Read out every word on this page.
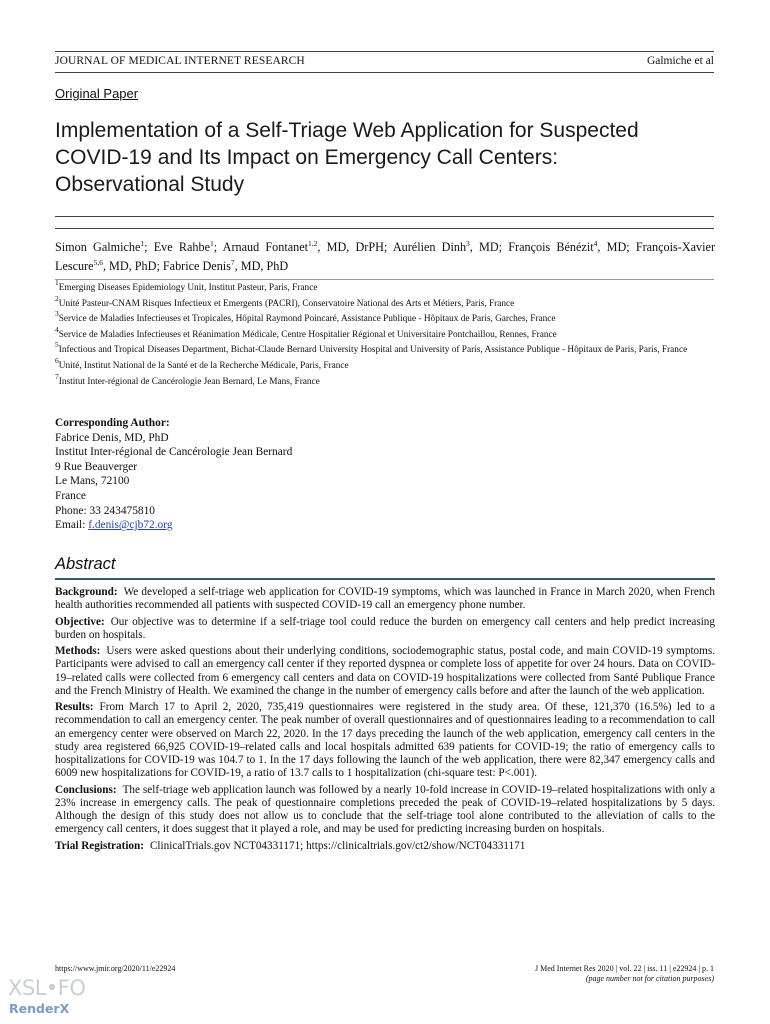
JOURNAL OF MEDICAL INTERNET RESEARCH	Galmiche et al
Original Paper
Implementation of a Self-Triage Web Application for Suspected
COVID-19 and Its Impact on Emergency Call Centers:
Observational Study
Simon Galmiche$^1$; Eve Rahbe$^1$; Arnaud Fontanet$^{1,2}$, MD, DrPH; Aurélien Dinh$^3$, MD; François Bénézit$^4$, MD; François-Xavier Lescure$^{5,6}$, MD, PhD; Fabrice Denis$^7$, MD, PhD
$^1$Emerging Diseases Epidemiology Unit, Institut Pasteur, Paris, France
$^2$Unité Pasteur-CNAM Risques Infectieux et Emergents (PACRI), Conservatoire National des Arts et Métiers, Paris, France
$^3$Service de Maladies Infectieuses et Tropicales, Hôpital Raymond Poincaré, Assistance Publique - Hôpitaux de Paris, Garches, France
$^4$Service de Maladies Infectieuses et Réanimation Médicale, Centre Hospitalier Régional et Universitaire Pontchaillou, Rennes, France
$^5$Infectious and Tropical Diseases Department, Bichat-Claude Bernard University Hospital and University of Paris, Assistance Publique - Hôpitaux de Paris, Paris, France
$^6$Unité, Institut National de la Santé et de la Recherche Médicale, Paris, France
$^7$Institut Inter-régional de Cancérologie Jean Bernard, Le Mans, France
Corresponding Author:
Fabrice Denis, MD, PhD
Institut Inter-régional de Cancérologie Jean Bernard
9 Rue Beauverger
Le Mans, 72100
France
Phone: 33 243475810
Email: f.denis@cjb72.org
Abstract

Background: We developed a self-triage web application for COVID-19 symptoms, which was launched in France in March 2020, when French health authorities recommended all patients with suspected COVID-19 call an emergency phone number.

Objective: Our objective was to determine if a self-triage tool could reduce the burden on emergency call centers and help predict increasing burden on hospitals.

Methods: Users were asked questions about their underlying conditions, sociodemographic status, postal code, and main COVID-19 symptoms. Participants were advised to call an emergency call center if they reported dyspnea or complete loss of appetite for over 24 hours. Data on COVID-19–related calls were collected from 6 emergency call centers and data on COVID-19 hospitalizations were collected from Santé Publique France and the French Ministry of Health. We examined the change in the number of emergency calls before and after the launch of the web application.

Results: From March 17 to April 2, 2020, 735,419 questionnaires were registered in the study area. Of these, 121,370 (16.5%) led to a recommendation to call an emergency center. The peak number of overall questionnaires and of questionnaires leading to a recommendation to call an emergency center were observed on March 22, 2020. In the 17 days preceding the launch of the web application, emergency call centers in the study area registered 66,925 COVID-19–related calls and local hospitals admitted 639 patients for COVID-19; the ratio of emergency calls to hospitalizations for COVID-19 was 104.7 to 1. In the 17 days following the launch of the web application, there were 82,347 emergency calls and 6009 new hospitalizations for COVID-19, a ratio of 13.7 calls to 1 hospitalization (chi-square test: P<.001).

Conclusions: The self-triage web application launch was followed by a nearly 10-fold increase in COVID-19–related hospitalizations with only a 23% increase in emergency calls. The peak of questionnaire completions preceded the peak of COVID-19–related hospitalizations by 5 days. Although the design of this study does not allow us to conclude that the self-triage tool alone contributed to the alleviation of calls to the emergency call centers, it does suggest that it played a role, and may be used for predicting increasing burden on hospitals.

Trial Registration: ClinicalTrials.gov NCT04331171; https://clinicaltrials.gov/ct2/show/NCT04331171

https://www.jmir.org/2020/11/e22924	J Med Internet Res 2020 | vol. 22 | iss. 11 | e22924 | p. 1
(page number not for citation purposes)
XSL•FO
RenderX
